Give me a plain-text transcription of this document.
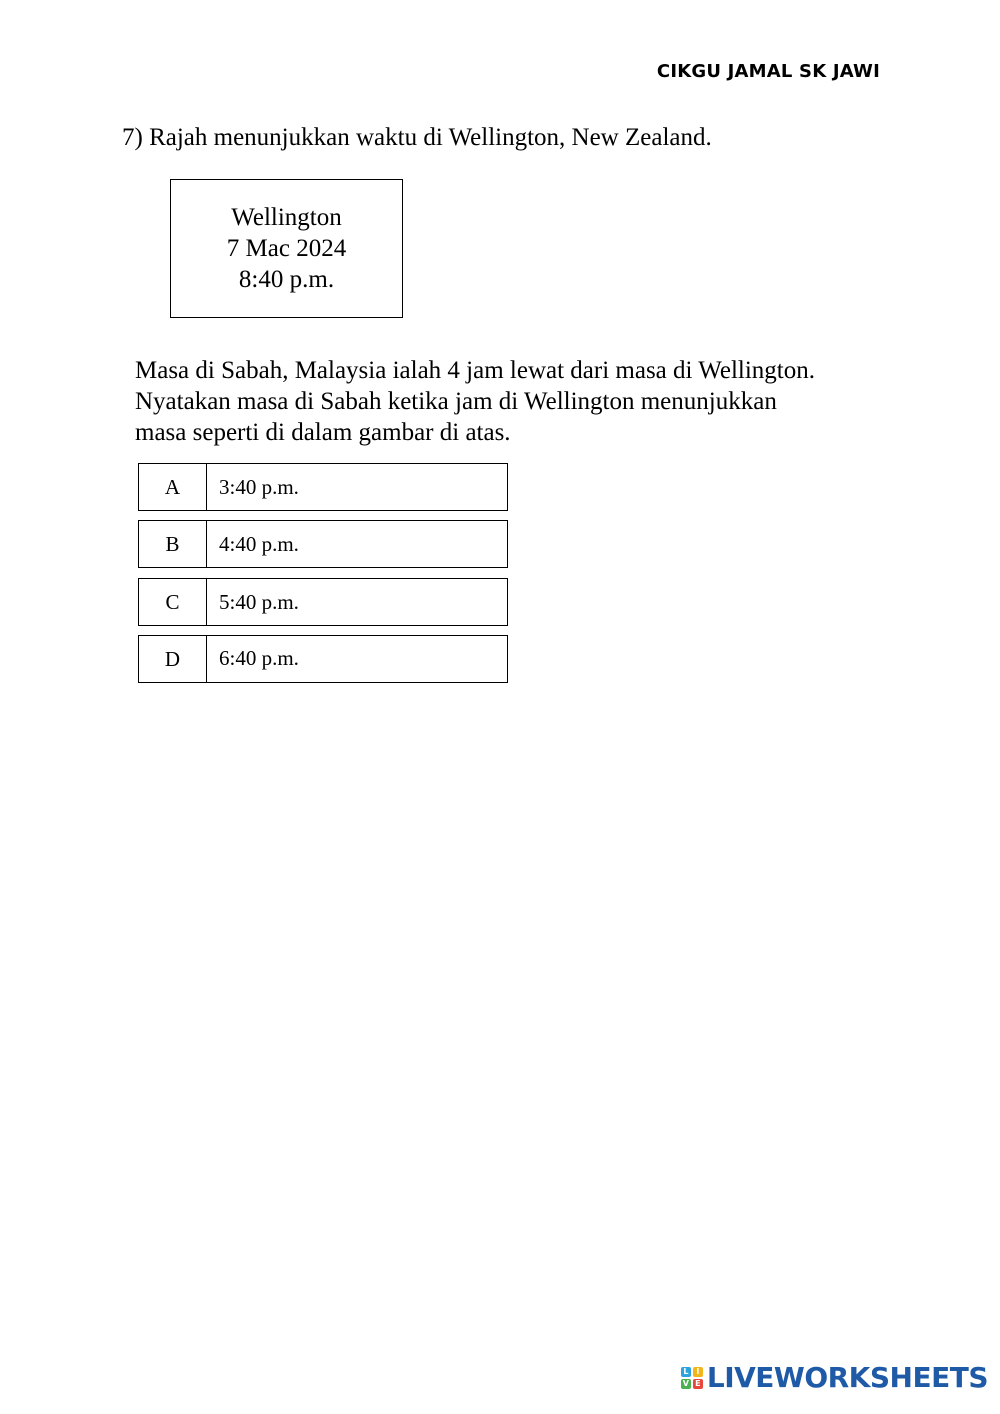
CIKGU JAMAL SK JAWI
7) Rajah menunjukkan waktu di Wellington, New Zealand.
Wellington
7 Mac 2024
8:40 p.m.
Masa di Sabah, Malaysia ialah 4 jam lewat dari masa di Wellington.
Nyatakan masa di Sabah ketika jam di Wellington menunjukkan
masa seperti di dalam gambar di atas.
A	3:40 p.m.
B	4:40 p.m.
C	5:40 p.m.
D	6:40 p.m.
L I
V E LIVEWORKSHEETS
